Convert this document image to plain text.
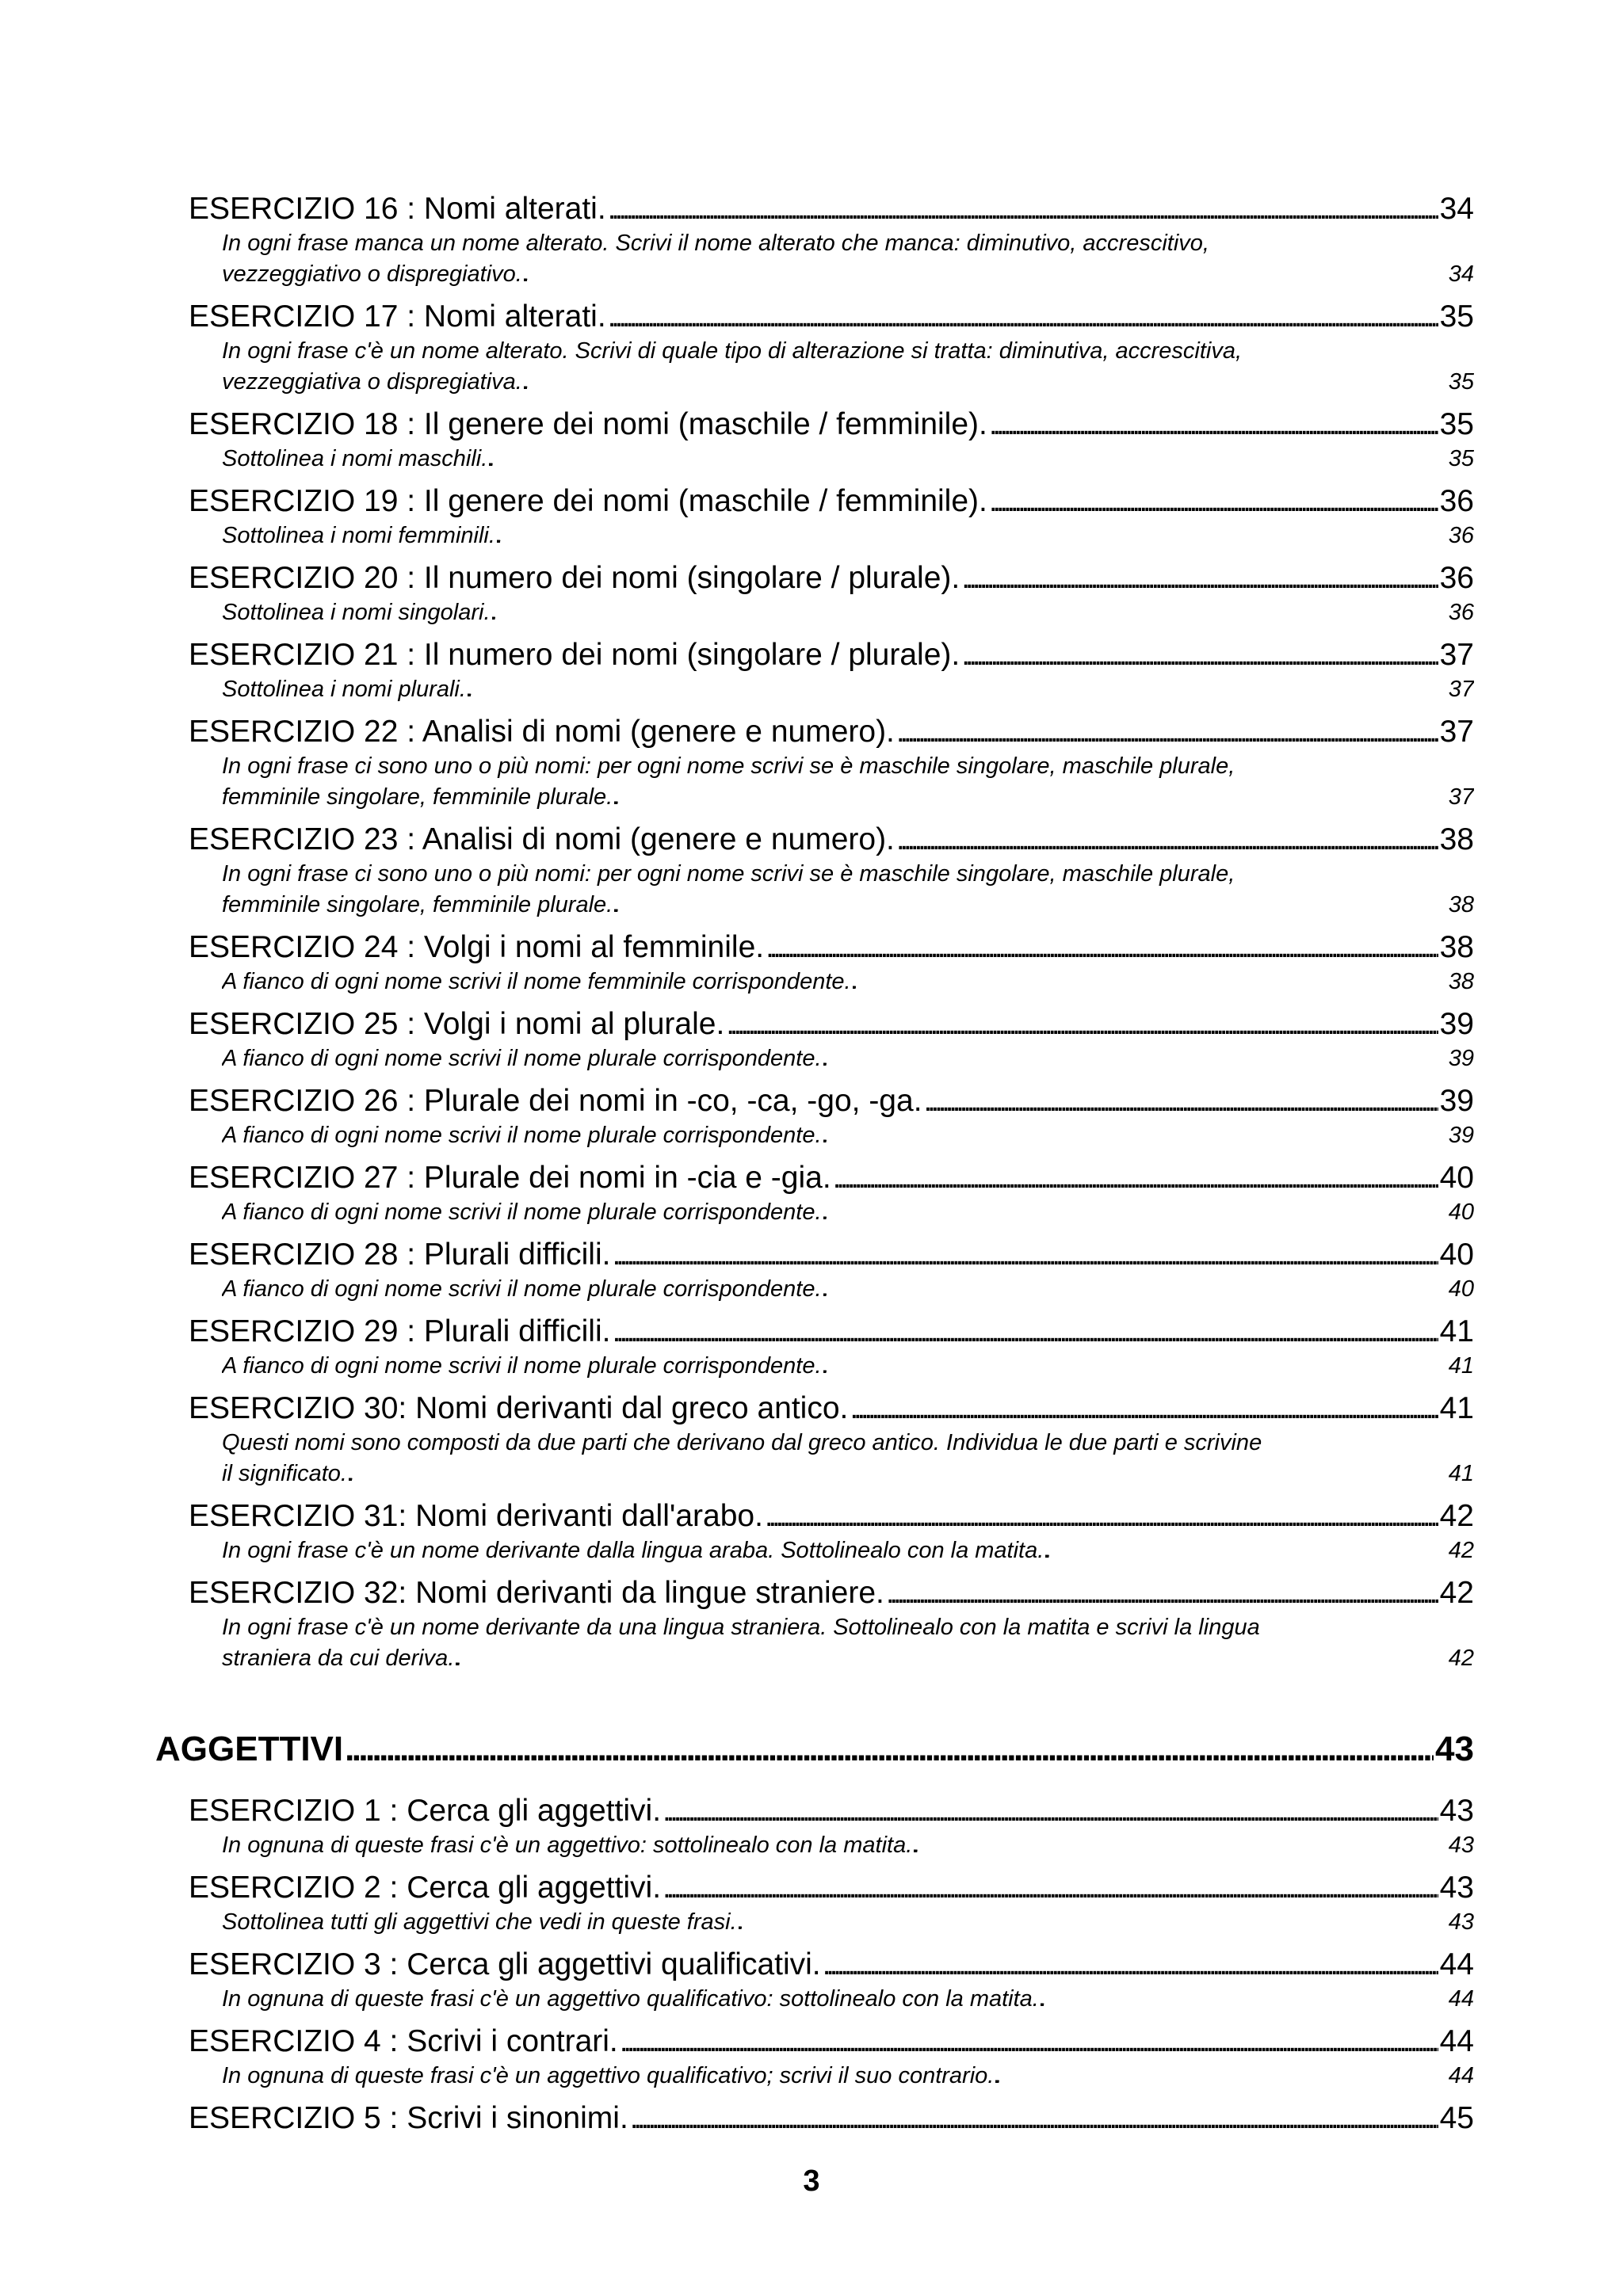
ESERCIZIO 16 : Nomi alterati. . . .	34
In ogni frase manca un nome alterato. Scrivi il nome alterato che manca: diminutivo, accrescitivo,
vezzeggiativo o dispregiativo. . . .	34
ESERCIZIO 17 : Nomi alterati. . . .	35
In ogni frase c'è un nome alterato. Scrivi di quale tipo di alterazione si tratta: diminutiva, accrescitiva,
vezzeggiativa o dispregiativa. . . .	35
ESERCIZIO 18 : Il genere dei nomi (maschile / femminile). . . .	35
Sottolinea i nomi maschili. . . .	35
ESERCIZIO 19 : Il genere dei nomi (maschile / femminile). . . .	36
Sottolinea i nomi femminili. . . .	36
ESERCIZIO 20 : Il numero dei nomi (singolare / plurale). . . .	36
Sottolinea i nomi singolari. . . .	36
ESERCIZIO 21 : Il numero dei nomi (singolare / plurale). . . .	37
Sottolinea i nomi plurali. . . .	37
ESERCIZIO 22 : Analisi di nomi (genere e numero). . . .	37
In ogni frase ci sono uno o più nomi: per ogni nome scrivi se è maschile singolare, maschile plurale,
femminile singolare, femminile plurale. . . .	37
ESERCIZIO 23 : Analisi di nomi (genere e numero). . . .	38
In ogni frase ci sono uno o più nomi: per ogni nome scrivi se è maschile singolare, maschile plurale,
femminile singolare, femminile plurale. . . .	38
ESERCIZIO 24 : Volgi i nomi al femminile. . . .	38
A fianco di ogni nome scrivi il nome femminile corrispondente. . . .	38
ESERCIZIO 25 : Volgi i nomi al plurale. . . .	39
A fianco di ogni nome scrivi il nome plurale corrispondente. . . .	39
ESERCIZIO 26 : Plurale dei nomi in -co, -ca, -go, -ga. . . .	39
A fianco di ogni nome scrivi il nome plurale corrispondente. . . .	39
ESERCIZIO 27 : Plurale dei nomi in -cia e -gia. . . .	40
A fianco di ogni nome scrivi il nome plurale corrispondente. . . .	40
ESERCIZIO 28 : Plurali difficili. . . .	40
A fianco di ogni nome scrivi il nome plurale corrispondente. . . .	40
ESERCIZIO 29 : Plurali difficili. . . .	41
A fianco di ogni nome scrivi il nome plurale corrispondente. . . .	41
ESERCIZIO 30: Nomi derivanti dal greco antico. . . .	41
Questi nomi sono composti da due parti che derivano dal greco antico. Individua le due parti e scrivine
il significato. . . .	41
ESERCIZIO 31: Nomi derivanti dall'arabo. . . .	42
In ogni frase c'è un nome derivante dalla lingua araba. Sottolinealo con la matita. . . .	42
ESERCIZIO 32: Nomi derivanti da lingue straniere. . . .	42
In ogni frase c'è un nome derivante da una lingua straniera. Sottolinealo con la matita e scrivi la lingua
straniera da cui deriva. . . .	42
AGGETTIVI . . .	43
ESERCIZIO 1 : Cerca gli aggettivi. . . .	43
In ognuna di queste frasi c'è un aggettivo: sottolinealo con la matita. . . .	43
ESERCIZIO 2 : Cerca gli aggettivi. . . .	43
Sottolinea tutti gli aggettivi che vedi in queste frasi. . . .	43
ESERCIZIO 3 : Cerca gli aggettivi qualificativi. . . .	44
In ognuna di queste frasi c'è un aggettivo qualificativo: sottolinealo con la matita. . . .	44
ESERCIZIO 4 : Scrivi i contrari. . . .	44
In ognuna di queste frasi c'è un aggettivo qualificativo; scrivi il suo contrario. . . .	44
ESERCIZIO 5 : Scrivi i sinonimi. . . .	45
3
